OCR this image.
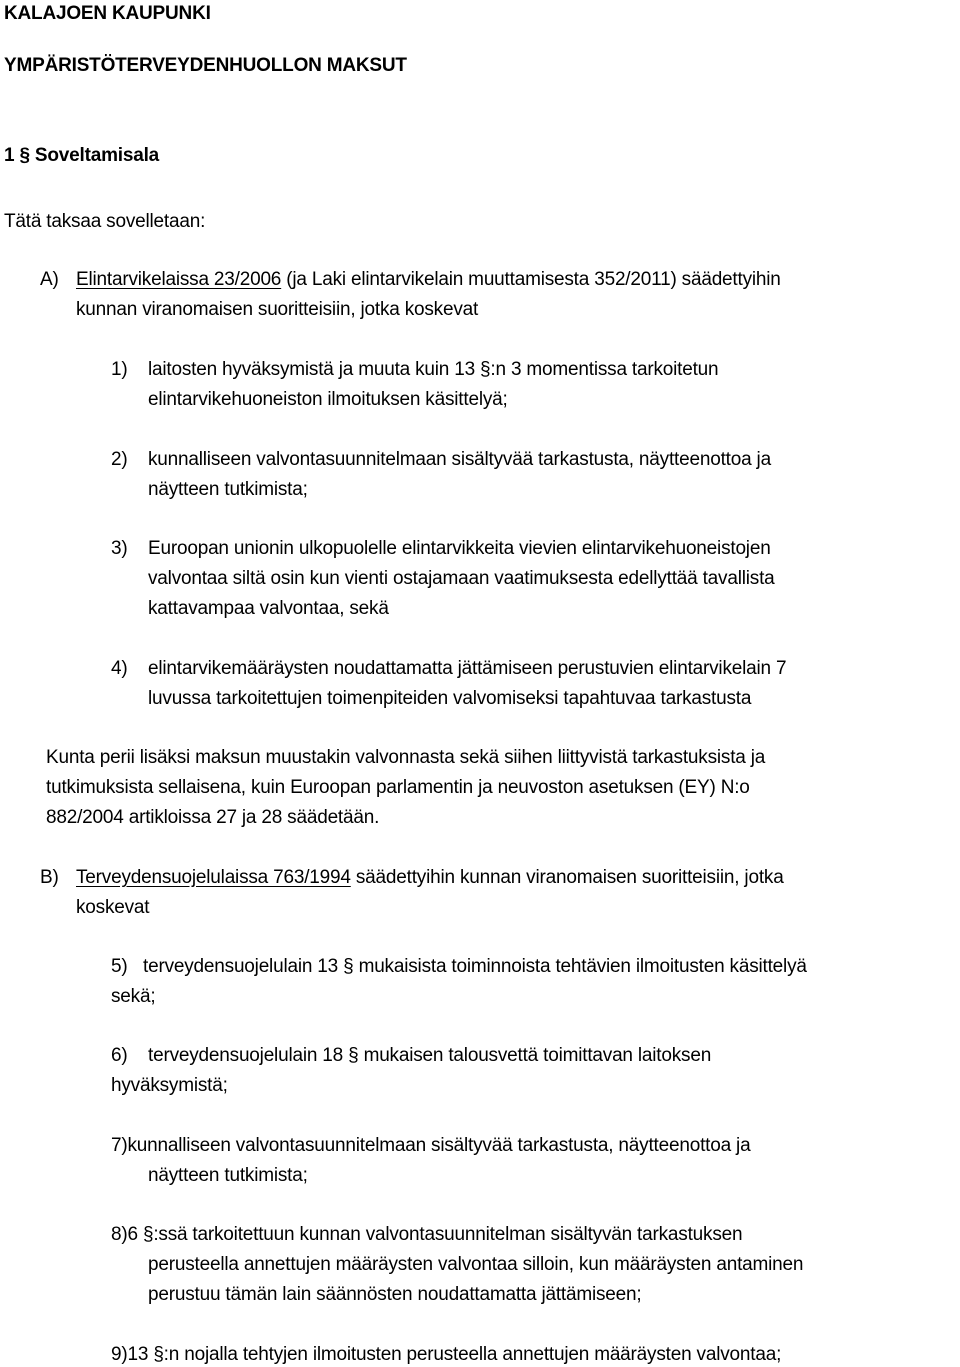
KALAJOEN KAUPUNKI
YMPÄRISTÖTERVEYDENHUOLLON MAKSUT
1 § Soveltamisala
Tätä taksaa sovelletaan:
A) Elintarvikelaissa 23/2006 (ja Laki elintarvikelain muuttamisesta 352/2011) säädettyihin
kunnan viranomaisen suoritteisiin, jotka koskevat
1) laitosten hyväksymistä ja muuta kuin 13 §:n 3 momentissa tarkoitetun
elintarvikehuoneiston ilmoituksen käsittelyä;
2) kunnalliseen valvontasuunnitelmaan sisältyvää tarkastusta, näytteenottoa ja
näytteen tutkimista;
3) Euroopan unionin ulkopuolelle elintarvikkeita vievien elintarvikehuoneistojen
valvontaa siltä osin kun vienti ostajamaan vaatimuksesta edellyttää tavallista
kattavampaa valvontaa, sekä
4) elintarvikemääräysten noudattamatta jättämiseen perustuvien elintarvikelain 7
luvussa tarkoitettujen toimenpiteiden valvomiseksi tapahtuvaa tarkastusta
Kunta perii lisäksi maksun muustakin valvonnasta sekä siihen liittyvistä tarkastuksista ja
tutkimuksista sellaisena, kuin Euroopan parlamentin ja neuvoston asetuksen (EY) N:o
882/2004 artikloissa 27 ja 28 säädetään.
B) Terveydensuojelulaissa 763/1994 säädettyihin kunnan viranomaisen suoritteisiin, jotka
koskevat
5) terveydensuojelulain 13 § mukaisista toiminnoista tehtävien ilmoitusten käsittelyä
sekä;
6) terveydensuojelulain 18 § mukaisen talousvettä toimittavan laitoksen
hyväksymistä;
7)kunnalliseen valvontasuunnitelmaan sisältyvää tarkastusta, näytteenottoa ja
näytteen tutkimista;
8)6 §:ssä tarkoitettuun kunnan valvontasuunnitelman sisältyvän tarkastuksen
perusteella annettujen määräysten valvontaa silloin, kun määräysten antaminen
perustuu tämän lain säännösten noudattamatta jättämiseen;
9)13 §:n nojalla tehtyjen ilmoitusten perusteella annettujen määräysten valvontaa;
